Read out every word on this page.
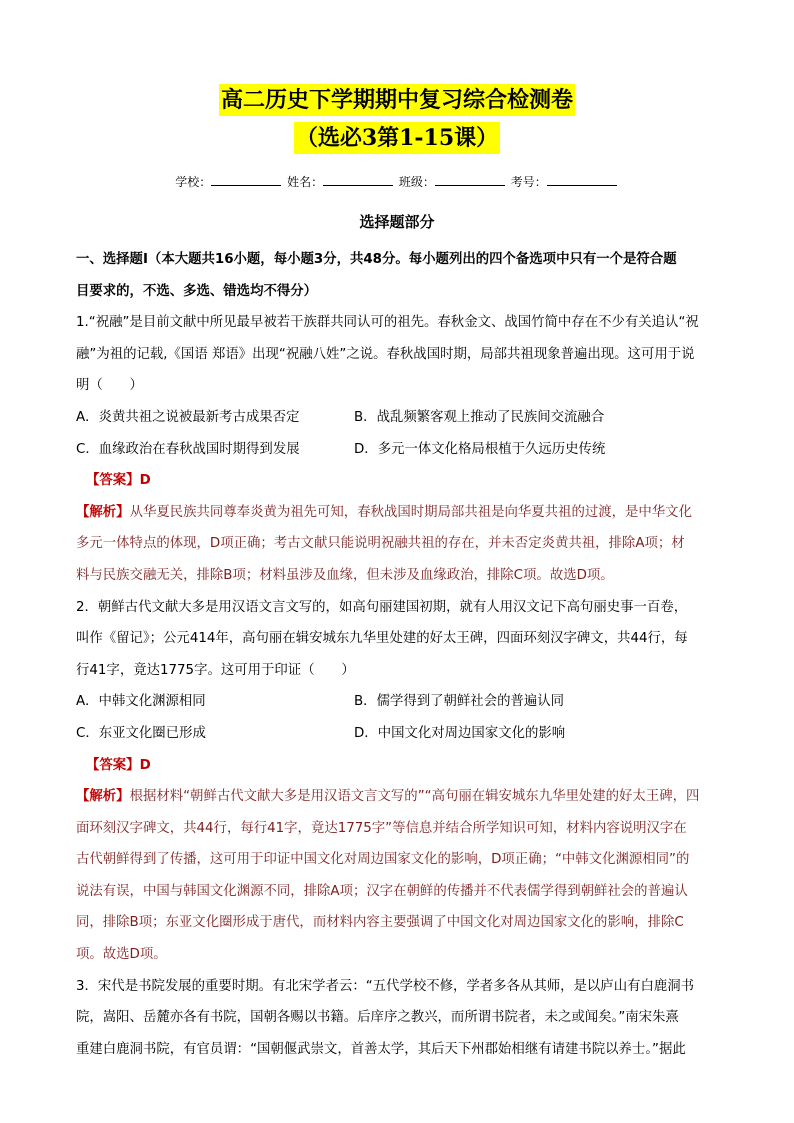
高二历史下学期期中复习综合检测卷
（选必3第1-15课）
学校：	姓名：	班级：	考号：
选择题部分

一、选择题Ⅰ（本大题共16小题，每小题3分，共48分。每小题列出的四个备选项中只有一个是符合题

目要求的，不选、多选、错选均不得分）

1.“祝融”是目前文献中所见最早被若干族群共同认可的祖先。春秋金文、战国竹简中存在不少有关追认“祝

融”为祖的记载,《国语 郑语》出现“祝融八姓”之说。春秋战国时期，局部共祖现象普遍出现。这可用于说

明（　　）

A．炎黄共祖之说被最新考古成果否定	B．战乱频繁客观上推动了民族间交流融合
C．血缘政治在春秋战国时期得到发展	D．多元一体文化格局根植于久远历史传统

【答案】D

【解析】从华夏民族共同尊奉炎黄为祖先可知，春秋战国时期局部共祖是向华夏共祖的过渡，是中华文化

多元一体特点的体现，D项正确；考古文献只能说明祝融共祖的存在，并未否定炎黄共祖，排除A项；材

料与民族交融无关，排除B项；材料虽涉及血缘，但未涉及血缘政治，排除C项。故选D项。

2．朝鲜古代文献大多是用汉语文言文写的，如高句丽建国初期，就有人用汉文记下高句丽史事一百卷，

叫作《留记》；公元414年，高句丽在辑安城东九华里处建的好太王碑，四面环刻汉字碑文，共44行，每

行41字，竟达1775字。这可用于印证（　　）

A．中韩文化渊源相同	B．儒学得到了朝鲜社会的普遍认同
C．东亚文化圈已形成	D．中国文化对周边国家文化的影响

【答案】D

【解析】根据材料“朝鲜古代文献大多是用汉语文言文写的”“高句丽在辑安城东九华里处建的好太王碑，四

面环刻汉字碑文，共44行，每行41字，竟达1775字”等信息并结合所学知识可知，材料内容说明汉字在

古代朝鲜得到了传播，这可用于印证中国文化对周边国家文化的影响，D项正确；“中韩文化渊源相同”的

说法有误，中国与韩国文化渊源不同，排除A项；汉字在朝鲜的传播并不代表儒学得到朝鲜社会的普遍认

同，排除B项；东亚文化圈形成于唐代，而材料内容主要强调了中国文化对周边国家文化的影响，排除C

项。故选D项。

3．宋代是书院发展的重要时期。有北宋学者云：“五代学校不修，学者多各从其师，是以庐山有白鹿洞书

院，嵩阳、岳麓亦各有书院，国朝各赐以书籍。后庠序之教兴，而所谓书院者，未之或闻矣。”南宋朱熹

重建白鹿洞书院，有官员谓：“国朝偃武崇文，首善太学，其后天下州郡始相继有请建书院以养士。”据此
